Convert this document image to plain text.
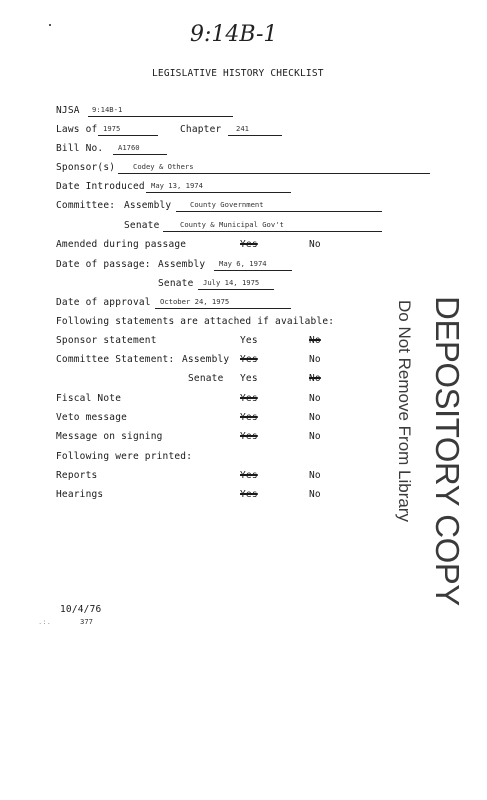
9:14B-1
LEGISLATIVE HISTORY CHECKLIST
NJSA 9:14B-1
Laws of 1975	Chapter 241
Bill No. A1760
Sponsor(s) Codey & Others
Date Introduced May 13, 1974
Committee: Assembly	County Government
Senate	County & Municipal Gov't
Amended during passage	Yes	No
Date of passage: Assembly May 6, 1974
Senate July 14, 1975
Date of approval October 24, 1975
Following statements are attached if available:
Sponsor statement	Yes	No
Committee Statement: Assembly Yes	No
Senate Yes	No
Fiscal Note	Yes	No
Veto message	Yes	No
Message on signing	Yes	No
Following were printed:
Reports	Yes	No
Hearings	Yes	No
10/4/76
.:.	377
DEPOSITORY COPY
Do Not Remove From Library
